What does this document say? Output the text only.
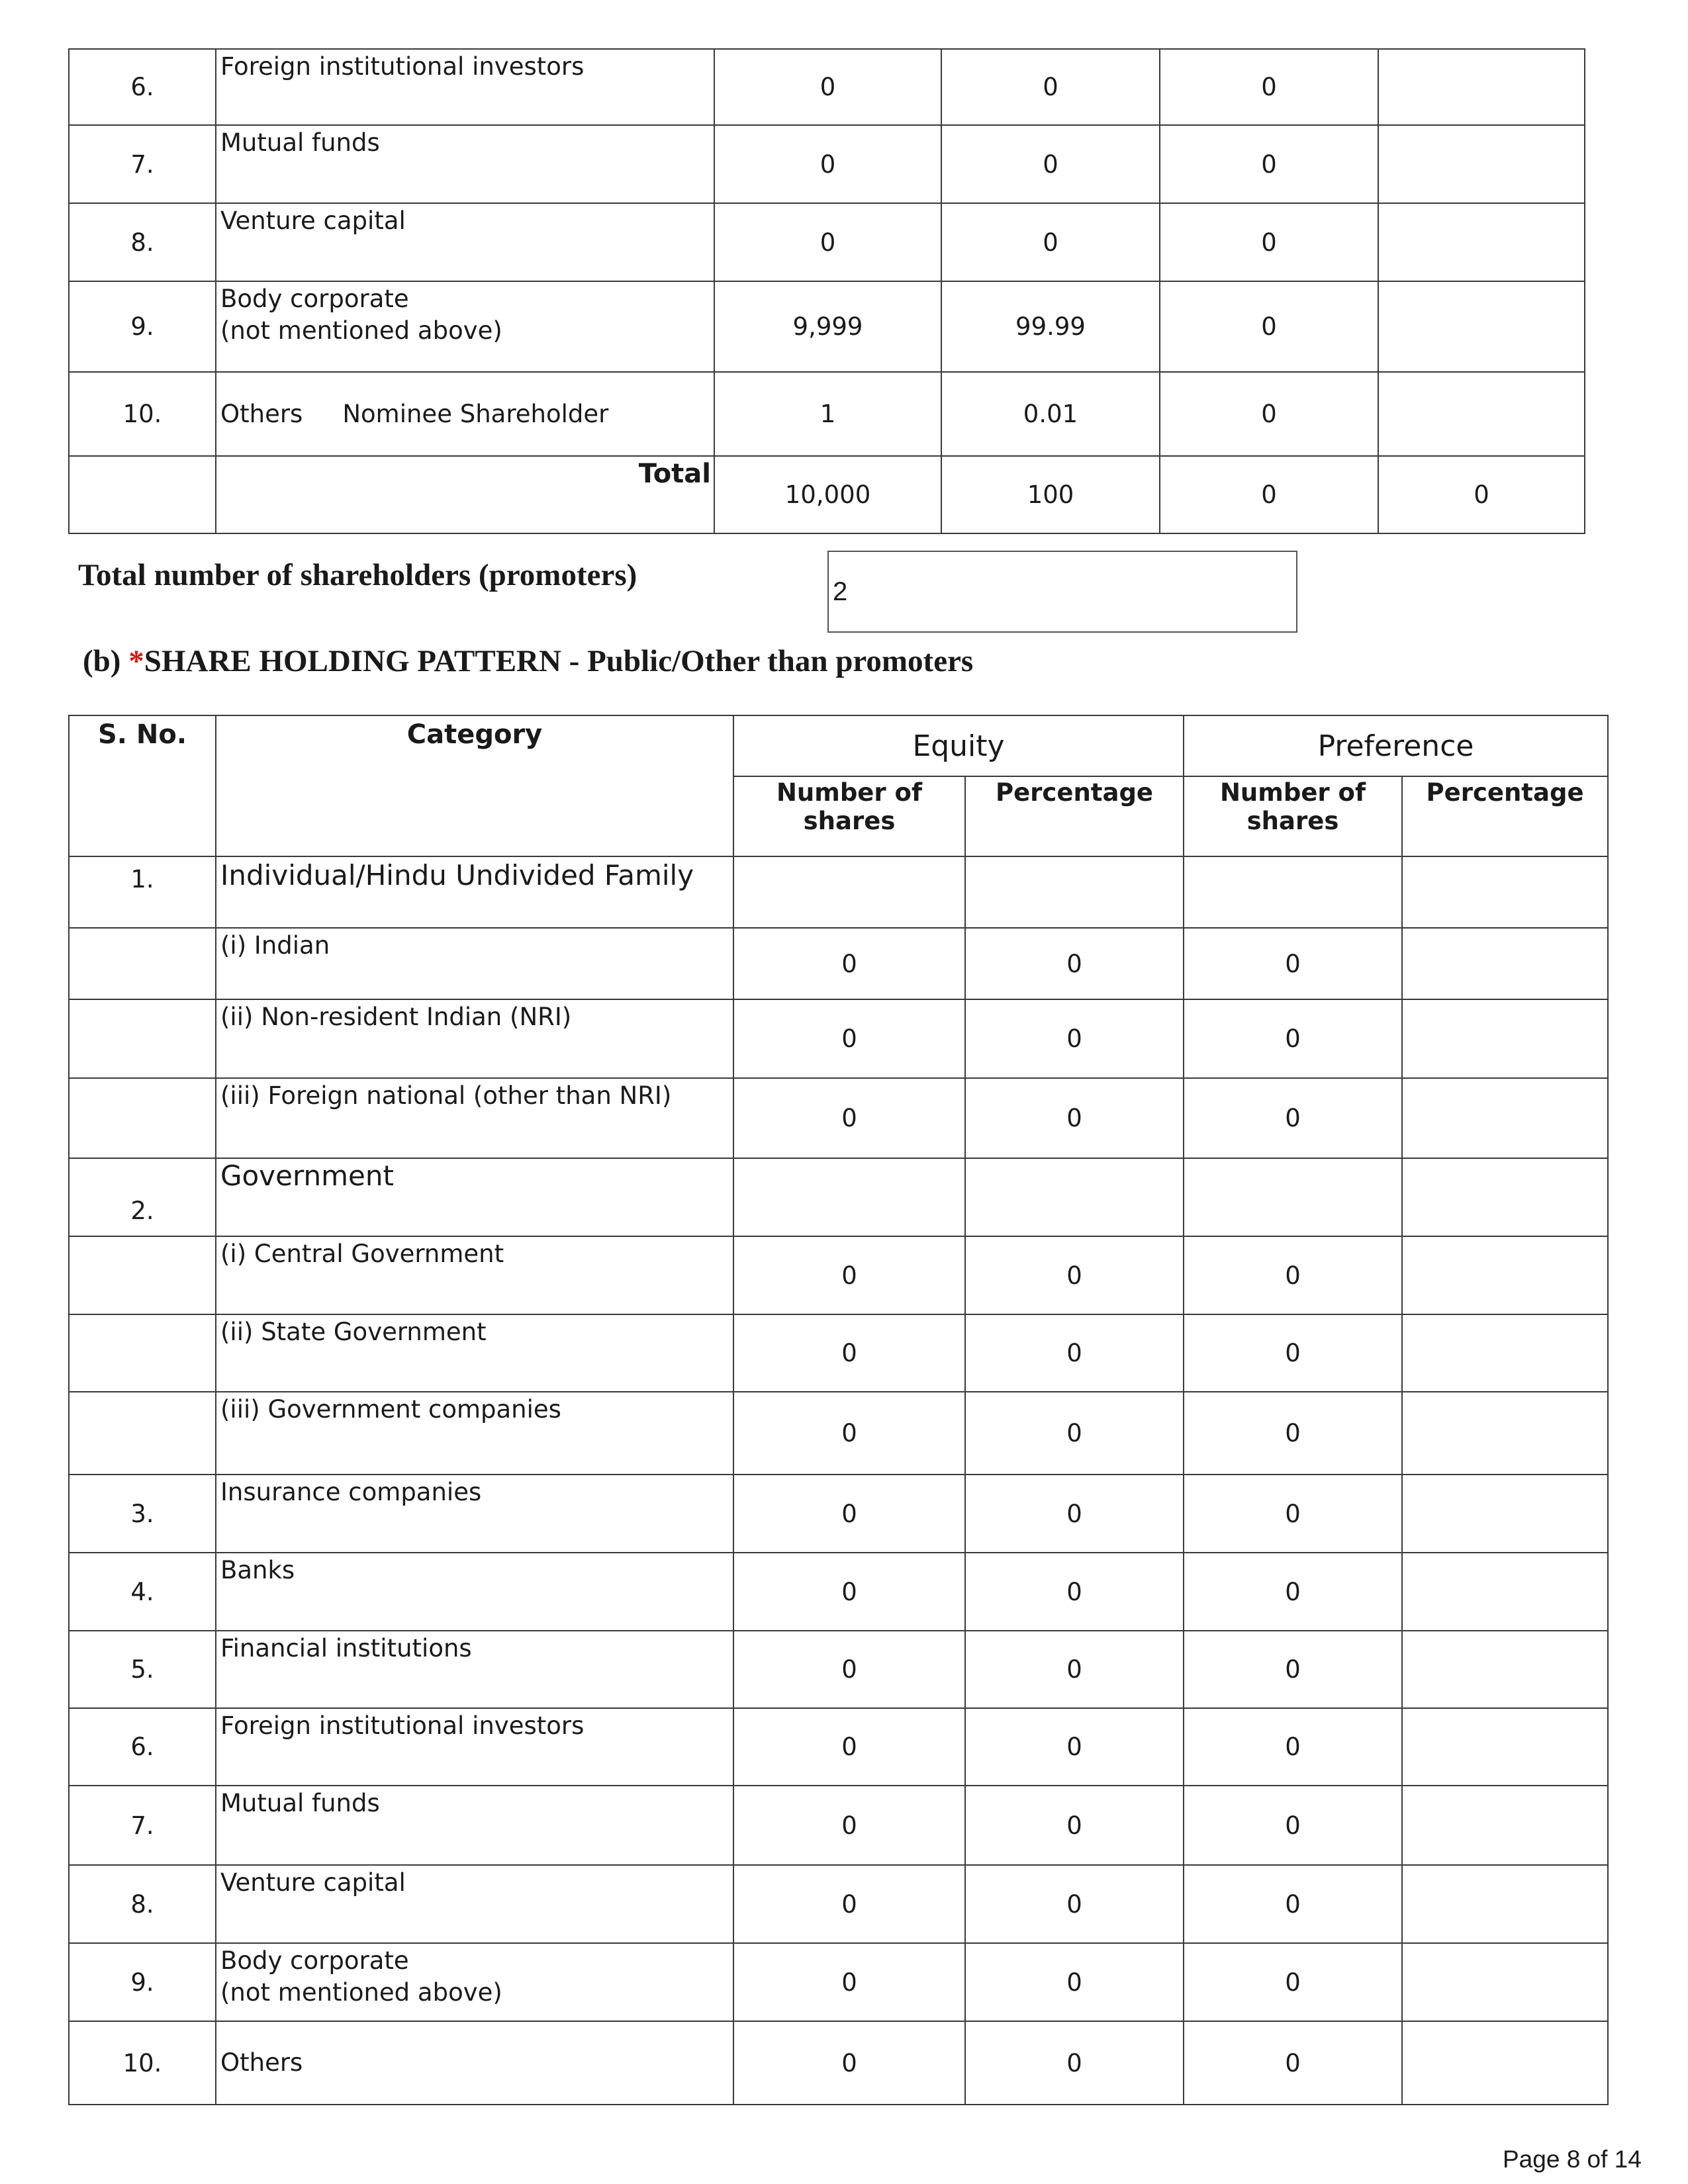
6.	Foreign institutional investors	0	0	0	
7.	Mutual funds	0	0	0	
8.	Venture capital	0	0	0	
9.	Body corporate
(not mentioned above)	9,999	99.99	0	
10.	Others Nominee Shareholder	1	0.01	0	
	Total	10,000	100	0	0
Total number of shareholders (promoters)	2
(b) *SHARE HOLDING PATTERN - Public/Other than promoters
S. No.	Category	Equity		Preference	
		Number of shares	Percentage	Number of shares	Percentage
1.	Individual/Hindu Undivided Family				
	(i) Indian	0	0	0	
	(ii) Non-resident Indian (NRI)	0	0	0	
	(iii) Foreign national (other than NRI)	0	0	0	
2.	Government				
	(i) Central Government	0	0	0	
	(ii) State Government	0	0	0	
	(iii) Government companies	0	0	0	
3.	Insurance companies	0	0	0	
4.	Banks	0	0	0	
5.	Financial institutions	0	0	0	
6.	Foreign institutional investors	0	0	0	
7.	Mutual funds	0	0	0	
8.	Venture capital	0	0	0	
9.	Body corporate
(not mentioned above)	0	0	0	
10.	Others	0	0	0	
Page 8 of 14
